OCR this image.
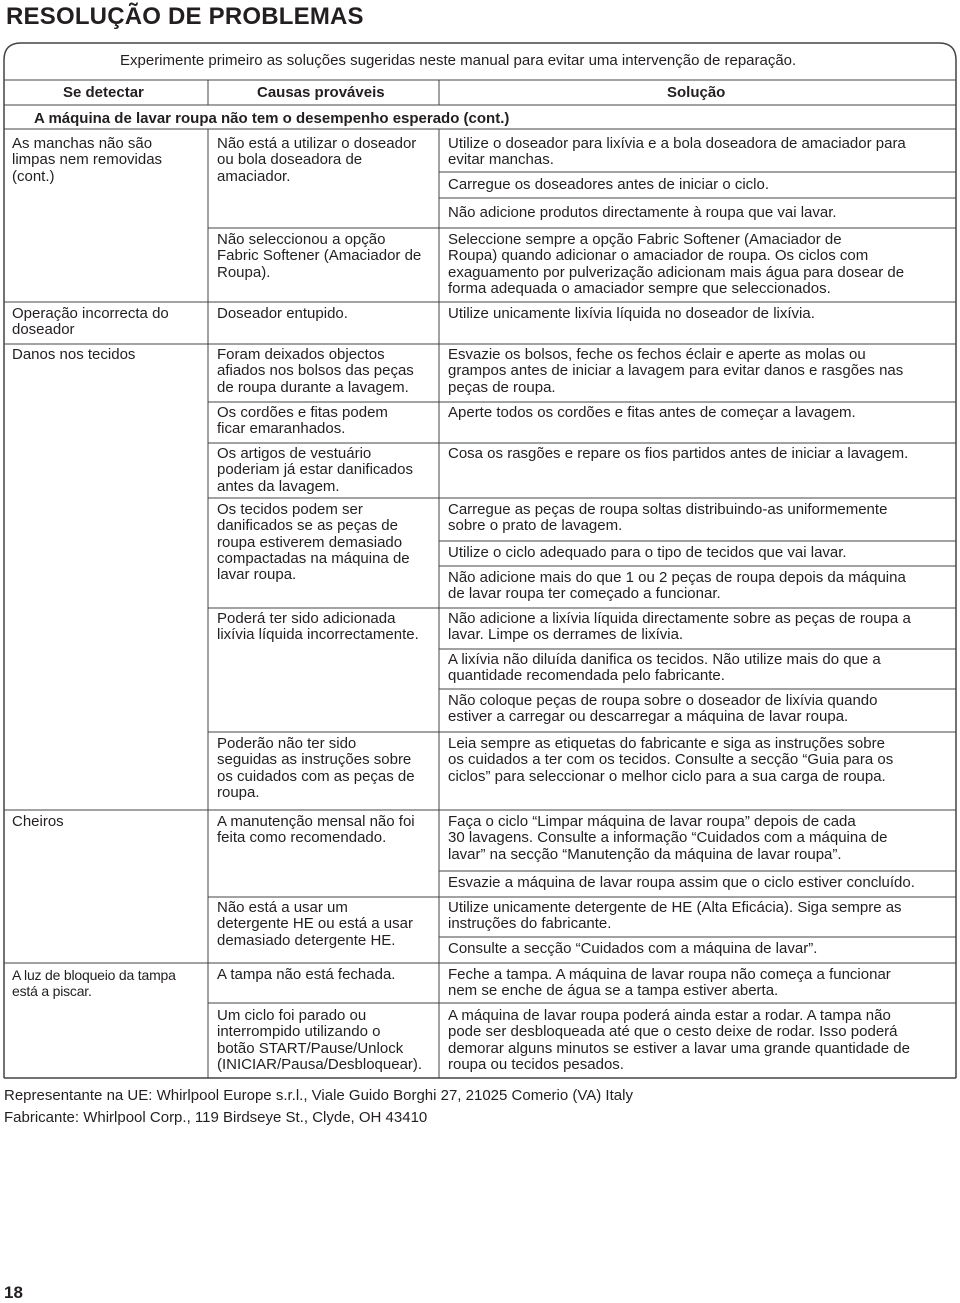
RESOLUÇÃO DE PROBLEMAS
Experimente primeiro as soluções sugeridas neste manual para evitar uma intervenção de reparação.
Se detectar	Causas prováveis	Solução
A máquina de lavar roupa não tem o desempenho esperado (cont.)
As manchas não são
limpas nem removidas
(cont.)
Operação incorrecta do
doseador
Danos nos tecidos
Cheiros
A luz de bloqueio da tampa
está a piscar.
Não está a utilizar o doseador
ou bola doseadora de
amaciador.
Não seleccionou a opção
Fabric Softener (Amaciador de
Roupa).
Doseador entupido.
Foram deixados objectos
afiados nos bolsos das peças
de roupa durante a lavagem.
Os cordões e fitas podem
ficar emaranhados.
Os artigos de vestuário
poderiam já estar danificados
antes da lavagem.
Os tecidos podem ser
danificados se as peças de
roupa estiverem demasiado
compactadas na máquina de
lavar roupa.
Poderá ter sido adicionada
lixívia líquida incorrectamente.
Poderão não ter sido
seguidas as instruções sobre
os cuidados com as peças de
roupa.
A manutenção mensal não foi
feita como recomendado.
Não está a usar um
detergente HE ou está a usar
demasiado detergente HE.
A tampa não está fechada.
Um ciclo foi parado ou
interrompido utilizando o
botão START/Pause/Unlock
(INICIAR/Pausa/Desbloquear).
Utilize o doseador para lixívia e a bola doseadora de amaciador para
evitar manchas.
Carregue os doseadores antes de iniciar o ciclo.
Não adicione produtos directamente à roupa que vai lavar.
Seleccione sempre a opção Fabric Softener (Amaciador de
Roupa) quando adicionar o amaciador de roupa. Os ciclos com
exaguamento por pulverização adicionam mais água para dosear de
forma adequada o amaciador sempre que seleccionados.
Utilize unicamente lixívia líquida no doseador de lixívia.
Esvazie os bolsos, feche os fechos éclair e aperte as molas ou
grampos antes de iniciar a lavagem para evitar danos e rasgões nas
peças de roupa.
Aperte todos os cordões e fitas antes de começar a lavagem.
Cosa os rasgões e repare os fios partidos antes de iniciar a lavagem.
Carregue as peças de roupa soltas distribuindo-as uniformemente
sobre o prato de lavagem.
Utilize o ciclo adequado para o tipo de tecidos que vai lavar.
Não adicione mais do que 1 ou 2 peças de roupa depois da máquina
de lavar roupa ter começado a funcionar.
Não adicione a lixívia líquida directamente sobre as peças de roupa a
lavar. Limpe os derrames de lixívia.
A lixívia não diluída danifica os tecidos. Não utilize mais do que a
quantidade recomendada pelo fabricante.
Não coloque peças de roupa sobre o doseador de lixívia quando
estiver a carregar ou descarregar a máquina de lavar roupa.
Leia sempre as etiquetas do fabricante e siga as instruções sobre
os cuidados a ter com os tecidos. Consulte a secção “Guia para os
ciclos” para seleccionar o melhor ciclo para a sua carga de roupa.
Faça o ciclo “Limpar máquina de lavar roupa” depois de cada
30 lavagens. Consulte a informação “Cuidados com a máquina de
lavar” na secção “Manutenção da máquina de lavar roupa”.
Esvazie a máquina de lavar roupa assim que o ciclo estiver concluído.
Utilize unicamente detergente de HE (Alta Eficácia). Siga sempre as
instruções do fabricante.
Consulte a secção “Cuidados com a máquina de lavar”.
Feche a tampa. A máquina de lavar roupa não começa a funcionar
nem se enche de água se a tampa estiver aberta.
A máquina de lavar roupa poderá ainda estar a rodar. A tampa não
pode ser desbloqueada até que o cesto deixe de rodar. Isso poderá
demorar alguns minutos se estiver a lavar uma grande quantidade de
roupa ou tecidos pesados.
Representante na UE: Whirlpool Europe s.r.l., Viale Guido Borghi 27, 21025 Comerio (VA) Italy
Fabricante: Whirlpool Corp., 119 Birdseye St., Clyde, OH 43410
18
